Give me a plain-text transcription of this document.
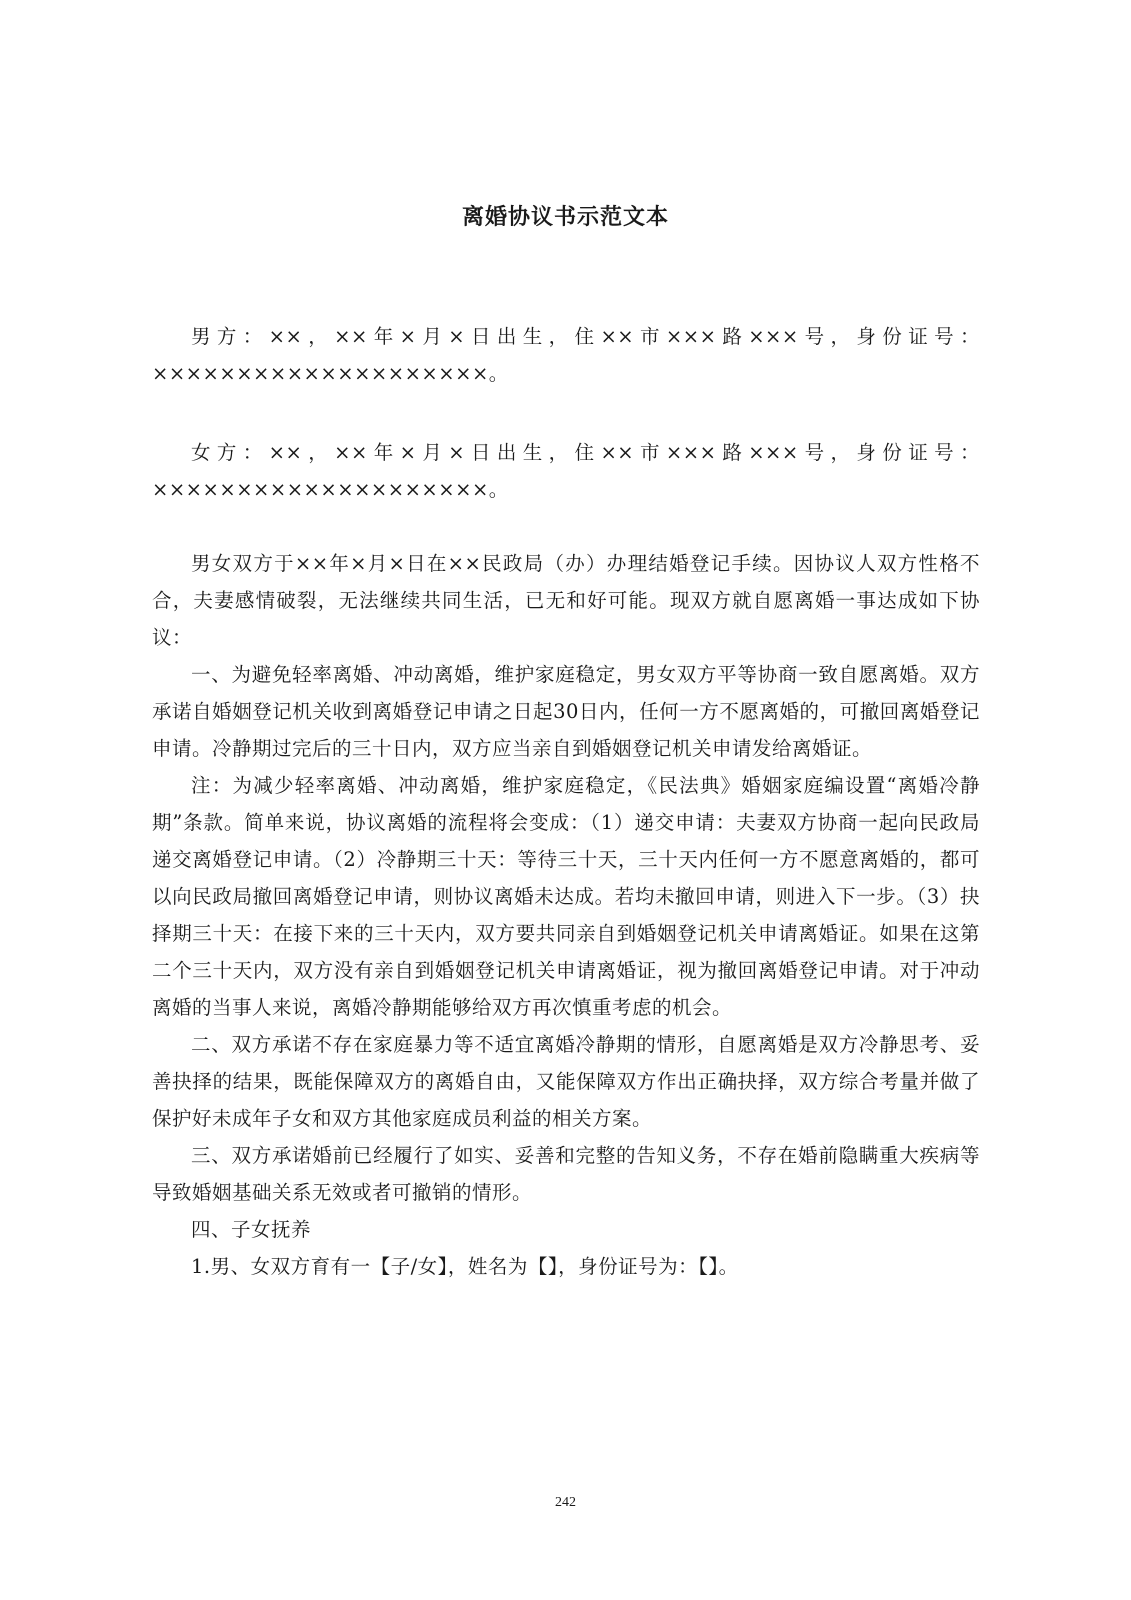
离婚协议书示范文本

男方：××，××年×月×日出生，住××市×××路×××号，身份证号：××××××××××××××××××××。

女方：××，××年×月×日出生，住××市×××路×××号，身份证号：××××××××××××××××××××。

男女双方于××年×月×日在××民政局（办）办理结婚登记手续。因协议人双方性格不合，夫妻感情破裂，无法继续共同生活，已无和好可能。现双方就自愿离婚一事达成如下协议：

一、为避免轻率离婚、冲动离婚，维护家庭稳定，男女双方平等协商一致自愿离婚。双方承诺自婚姻登记机关收到离婚登记申请之日起30日内，任何一方不愿离婚的，可撤回离婚登记申请。冷静期过完后的三十日内，双方应当亲自到婚姻登记机关申请发给离婚证。

注：为减少轻率离婚、冲动离婚，维护家庭稳定，《民法典》婚姻家庭编设置“离婚冷静期”条款。简单来说，协议离婚的流程将会变成：（1）递交申请：夫妻双方协商一起向民政局递交离婚登记申请。（2）冷静期三十天：等待三十天，三十天内任何一方不愿意离婚的，都可以向民政局撤回离婚登记申请，则协议离婚未达成。若均未撤回申请，则进入下一步。（3）抉择期三十天：在接下来的三十天内，双方要共同亲自到婚姻登记机关申请离婚证。如果在这第二个三十天内，双方没有亲自到婚姻登记机关申请离婚证，视为撤回离婚登记申请。对于冲动离婚的当事人来说，离婚冷静期能够给双方再次慎重考虑的机会。

二、双方承诺不存在家庭暴力等不适宜离婚冷静期的情形，自愿离婚是双方冷静思考、妥善抉择的结果，既能保障双方的离婚自由，又能保障双方作出正确抉择，双方综合考量并做了保护好未成年子女和双方其他家庭成员利益的相关方案。

三、双方承诺婚前已经履行了如实、妥善和完整的告知义务，不存在婚前隐瞒重大疾病等导致婚姻基础关系无效或者可撤销的情形。

四、子女抚养

1.男、女双方育有一【子/女】，姓名为【】，身份证号为：【】。

242
